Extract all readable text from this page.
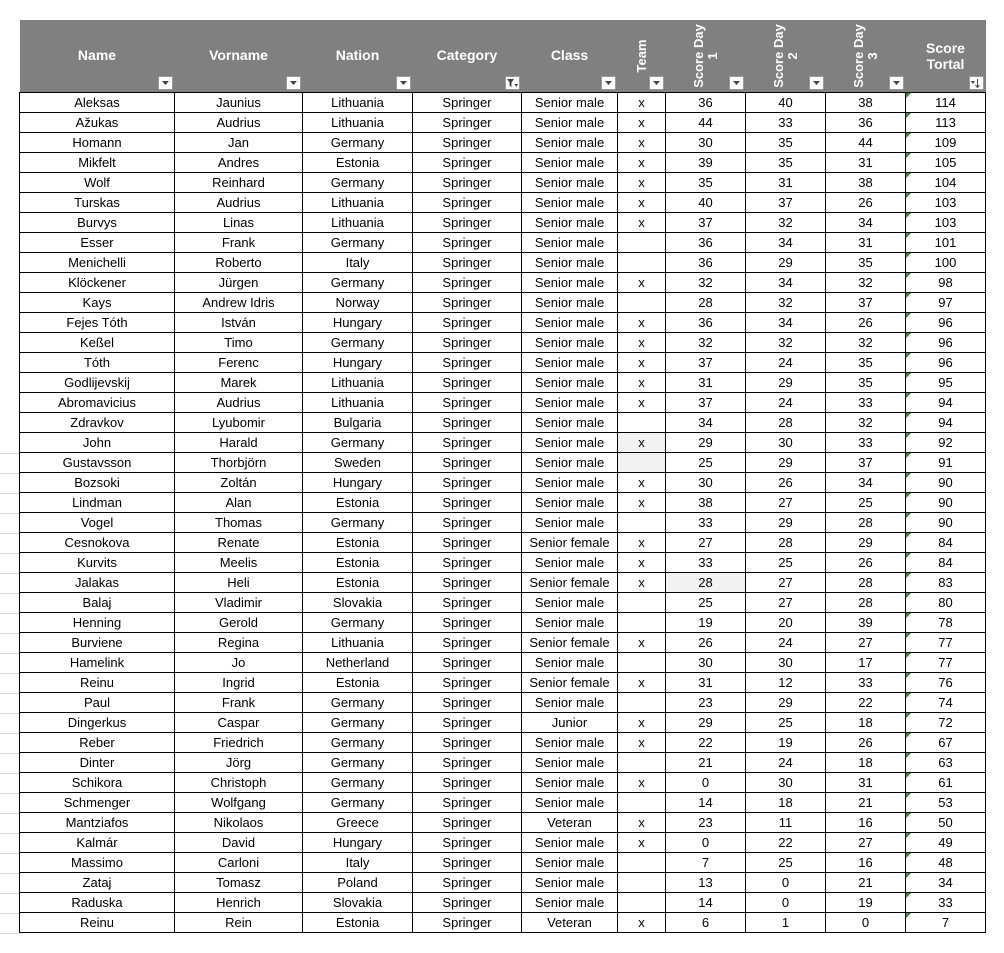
Name	Vorname	Nation	Category	Class	Team	Score Day 1	Score Day 2	Score Day 3	Score
Tortal

Aleksas	Jaunius	Lithuania	Springer	Senior male	x	36	40	38	114
Ažukas	Audrius	Lithuania	Springer	Senior male	x	44	33	36	113
Homann	Jan	Germany	Springer	Senior male	x	30	35	44	109
Mikfelt	Andres	Estonia	Springer	Senior male	x	39	35	31	105
Wolf	Reinhard	Germany	Springer	Senior male	x	35	31	38	104
Turskas	Audrius	Lithuania	Springer	Senior male	x	40	37	26	103
Burvys	Linas	Lithuania	Springer	Senior male	x	37	32	34	103
Esser	Frank	Germany	Springer	Senior male		36	34	31	101
Menichelli	Roberto	Italy	Springer	Senior male		36	29	35	100
Klöckener	Jürgen	Germany	Springer	Senior male	x	32	34	32	98
Kays	Andrew Idris	Norway	Springer	Senior male		28	32	37	97
Fejes Tóth	István	Hungary	Springer	Senior male	x	36	34	26	96
Keßel	Timo	Germany	Springer	Senior male	x	32	32	32	96
Tóth	Ferenc	Hungary	Springer	Senior male	x	37	24	35	96
Godlijevskij	Marek	Lithuania	Springer	Senior male	x	31	29	35	95
Abromavicius	Audrius	Lithuania	Springer	Senior male	x	37	24	33	94
Zdravkov	Lyubomir	Bulgaria	Springer	Senior male		34	28	32	94
John	Harald	Germany	Springer	Senior male	x	29	30	33	92
Gustavsson	Thorbjörn	Sweden	Springer	Senior male		25	29	37	91
Bozsoki	Zoltán	Hungary	Springer	Senior male	x	30	26	34	90
Lindman	Alan	Estonia	Springer	Senior male	x	38	27	25	90
Vogel	Thomas	Germany	Springer	Senior male		33	29	28	90
Cesnokova	Renate	Estonia	Springer	Senior female	x	27	28	29	84
Kurvits	Meelis	Estonia	Springer	Senior male	x	33	25	26	84
Jalakas	Heli	Estonia	Springer	Senior female	x	28	27	28	83
Balaj	Vladimir	Slovakia	Springer	Senior male		25	27	28	80
Henning	Gerold	Germany	Springer	Senior male		19	20	39	78
Burviene	Regina	Lithuania	Springer	Senior female	x	26	24	27	77
Hamelink	Jo	Netherland	Springer	Senior male		30	30	17	77
Reinu	Ingrid	Estonia	Springer	Senior female	x	31	12	33	76
Paul	Frank	Germany	Springer	Senior male		23	29	22	74
Dingerkus	Caspar	Germany	Springer	Junior	x	29	25	18	72
Reber	Friedrich	Germany	Springer	Senior male	x	22	19	26	67
Dinter	Jörg	Germany	Springer	Senior male		21	24	18	63
Schikora	Christoph	Germany	Springer	Senior male	x	0	30	31	61
Schmenger	Wolfgang	Germany	Springer	Senior male		14	18	21	53
Mantziafos	Nikolaos	Greece	Springer	Veteran	x	23	11	16	50
Kalmár	David	Hungary	Springer	Senior male	x	0	22	27	49
Massimo	Carloni	Italy	Springer	Senior male		7	25	16	48
Zataj	Tomasz	Poland	Springer	Senior male		13	0	21	34
Raduska	Henrich	Slovakia	Springer	Senior male		14	0	19	33
Reinu	Rein	Estonia	Springer	Veteran	x	6	1	0	7
